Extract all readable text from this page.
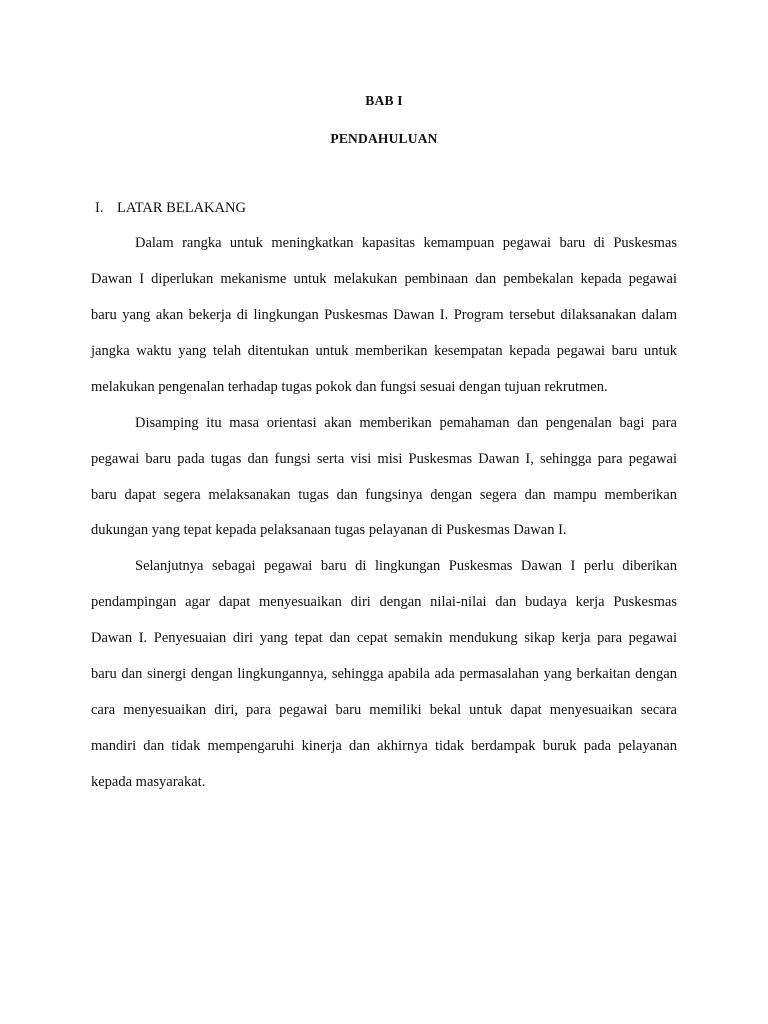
BAB I
PENDAHULUAN
I. LATAR BELAKANG
Dalam rangka untuk meningkatkan kapasitas kemampuan pegawai baru di Puskesmas
Dawan I diperlukan mekanisme untuk melakukan pembinaan dan pembekalan kepada pegawai
baru yang akan bekerja di lingkungan Puskesmas Dawan I. Program tersebut dilaksanakan dalam
jangka waktu yang telah ditentukan untuk memberikan kesempatan kepada pegawai baru untuk
melakukan pengenalan terhadap tugas pokok dan fungsi sesuai dengan tujuan rekrutmen.
Disamping itu masa orientasi akan memberikan pemahaman dan pengenalan bagi para
pegawai baru pada tugas dan fungsi serta visi misi Puskesmas Dawan I, sehingga para pegawai
baru dapat segera melaksanakan tugas dan fungsinya dengan segera dan mampu memberikan
dukungan yang tepat kepada pelaksanaan tugas pelayanan di Puskesmas Dawan I.
Selanjutnya sebagai pegawai baru di lingkungan Puskesmas Dawan I perlu diberikan
pendampingan agar dapat menyesuaikan diri dengan nilai-nilai dan budaya kerja Puskesmas
Dawan I. Penyesuaian diri yang tepat dan cepat semakin mendukung sikap kerja para pegawai
baru dan sinergi dengan lingkungannya, sehingga apabila ada permasalahan yang berkaitan dengan
cara menyesuaikan diri, para pegawai baru memiliki bekal untuk dapat menyesuaikan secara
mandiri dan tidak mempengaruhi kinerja dan akhirnya tidak berdampak buruk pada pelayanan
kepada masyarakat.
